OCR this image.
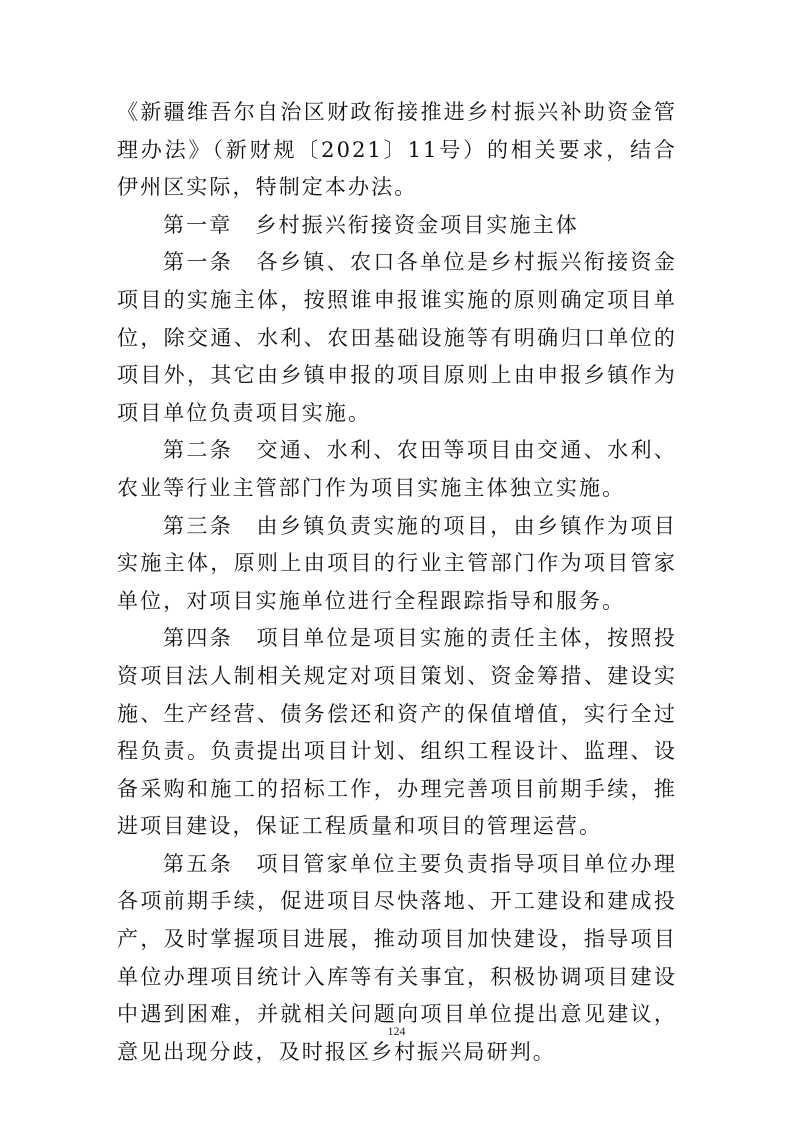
《新疆维吾尔自治区财政衔接推进乡村振兴补助资金管理办法》（新财规〔2021〕11号）的相关要求，结合伊州区实际，特制定本办法。

第一章　乡村振兴衔接资金项目实施主体

第一条　各乡镇、农口各单位是乡村振兴衔接资金项目的实施主体，按照谁申报谁实施的原则确定项目单位，除交通、水利、农田基础设施等有明确归口单位的项目外，其它由乡镇申报的项目原则上由申报乡镇作为项目单位负责项目实施。

第二条　交通、水利、农田等项目由交通、水利、农业等行业主管部门作为项目实施主体独立实施。

第三条　由乡镇负责实施的项目，由乡镇作为项目实施主体，原则上由项目的行业主管部门作为项目管家单位，对项目实施单位进行全程跟踪指导和服务。

第四条　项目单位是项目实施的责任主体，按照投资项目法人制相关规定对项目策划、资金筹措、建设实施、生产经营、债务偿还和资产的保值增值，实行全过程负责。负责提出项目计划、组织工程设计、监理、设备采购和施工的招标工作，办理完善项目前期手续，推进项目建设，保证工程质量和项目的管理运营。

第五条　项目管家单位主要负责指导项目单位办理各项前期手续，促进项目尽快落地、开工建设和建成投产，及时掌握项目进展，推动项目加快建设，指导项目单位办理项目统计入库等有关事宜，积极协调项目建设中遇到困难，并就相关问题向项目单位提出意见建议，意见出现分歧，及时报区乡村振兴局研判。

124
